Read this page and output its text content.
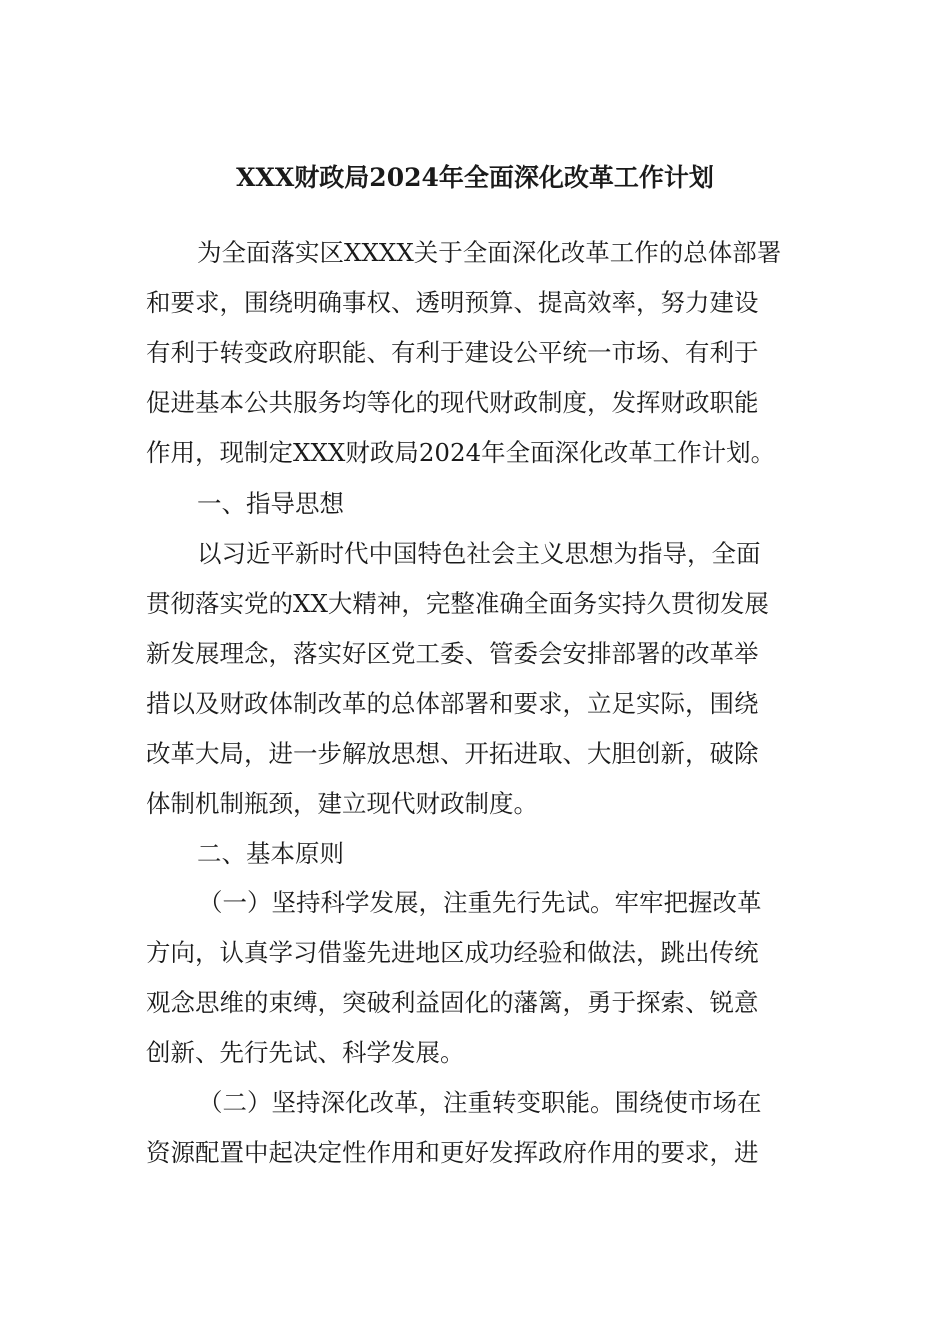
XXX财政局2024年全面深化改革工作计划
为全面落实区XXXX关于全面深化改革工作的总体部署
和要求，围绕明确事权、透明预算、提高效率，努力建设
有利于转变政府职能、有利于建设公平统一市场、有利于
促进基本公共服务均等化的现代财政制度，发挥财政职能
作用，现制定XXX财政局2024年全面深化改革工作计划。
一、指导思想
以习近平新时代中国特色社会主义思想为指导，全面
贯彻落实党的XX大精神，完整准确全面务实持久贯彻发展
新发展理念，落实好区党工委、管委会安排部署的改革举
措以及财政体制改革的总体部署和要求，立足实际，围绕
改革大局，进一步解放思想、开拓进取、大胆创新，破除
体制机制瓶颈，建立现代财政制度。
二、基本原则
（一）坚持科学发展，注重先行先试。牢牢把握改革
方向，认真学习借鉴先进地区成功经验和做法，跳出传统
观念思维的束缚，突破利益固化的藩篱，勇于探索、锐意
创新、先行先试、科学发展。
（二）坚持深化改革，注重转变职能。围绕使市场在
资源配置中起决定性作用和更好发挥政府作用的要求，进
